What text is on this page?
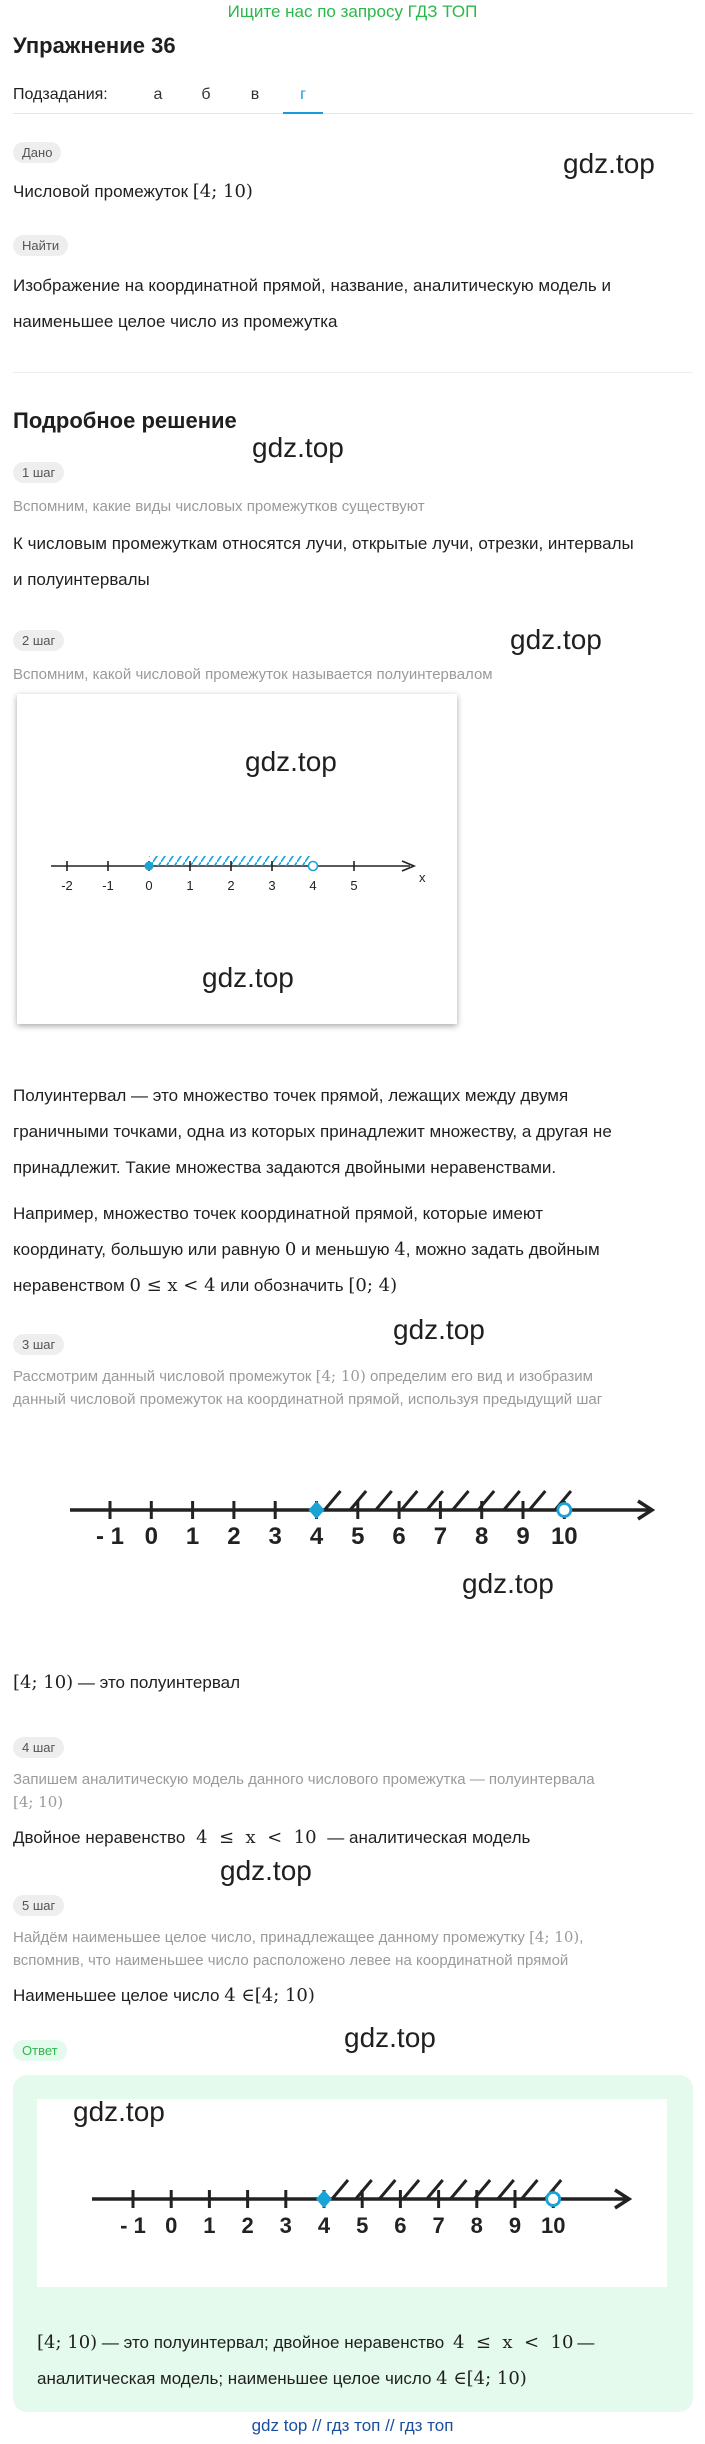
Ищите нас по запросу ГДЗ ТОП
Упражнение 36
Подзадания:	а	б	в	г
Дано
Числовой промежуток [4; 10)
gdz.top
Найти
Изображение на координатной прямой, название, аналитическую модель и
наименьшее целое число из промежутка
Подробное решение
gdz.top
1 шаг
Вспомним, какие виды числовых промежутков существуют
К числовым промежуткам относятся лучи, открытые лучи, отрезки, интервалы
и полуинтервалы
2 шаг	gdz.top
Вспомним, какой числовой промежуток называется полуинтервалом
gdz.top
-2 -1 0	1	2	3	4	5
x
gdz.top
Полуинтервал — это множество точек прямой, лежащих между двумя
граничными точками, одна из которых принадлежит множеству, а другая не
принадлежит. Такие множества задаются двойными неравенствами.
Например, множество точек координатной прямой, которые имеют
координату, большую или равную 0 и меньшую 4, можно задать двойным
неравенством 0 ≤ x < 4 или обозначить [0; 4)
3 шаг	gdz.top
Рассмотрим данный числовой промежуток [4; 10) определим его вид и изобразим
данный числовой промежуток на координатной прямой, используя предыдущий шаг
- 1 0 1 2 3 4 5 6 7 8 9 10
gdz.top
[4; 10) — это полуинтервал
4 шаг
Запишем аналитическую модель данного числового промежутка — полуинтервала
[4; 10)
Двойное неравенство 4  ≤  x  <  10 — аналитическая модель
gdz.top
5 шаг
Найдём наименьшее целое число, принадлежащее данному промежутку [4; 10),
вспомнив, что наименьшее число расположено левее на координатной прямой
Наименьшее целое число 4 ∈[4; 10)
Ответ	gdz.top
gdz.top
- 1 0 1 2 3 4 5 6 7 8 9 10
[4; 10) — это полуинтервал; двойное неравенство 4  ≤  x  <  10 —
аналитическая модель; наименьшее целое число 4 ∈[4; 10)
gdz top // гдз топ // гдз топ
